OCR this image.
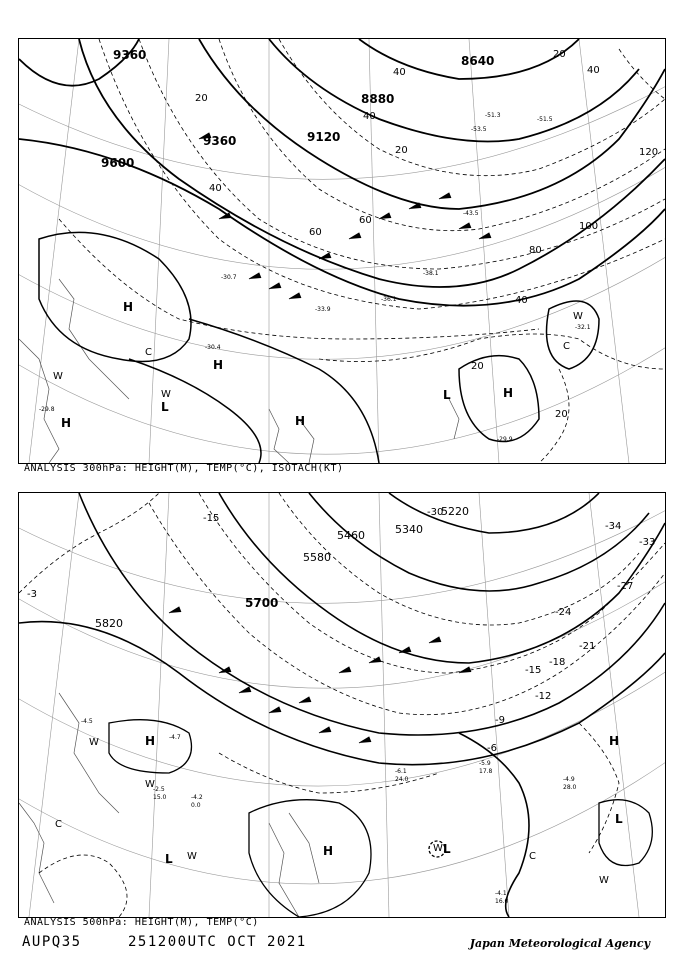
9360
9600
9360	9120
8880
8640
20
40
60
80
100
120
40
20
20
20
40
40
60
40
20
H
H
H
H
L
L
H
W
C
W
C
W
-36.1
-33.9
-30.7
-32.1
-29.9
-30.4
-38.1
-43.5
-51.3
-53.5
-51.5
-29.8
ANALYSIS 300hPa: HEIGHT(M), TEMP(°C), ISOTACH(KT)
5820
5700
5580
5460	5340
5220
-3
-15
-30
-33
-34
-27
-24
-21
-18
-15
-12
-9
-6
H
H
H
L
L
L
W
W
W
C
C
W
W
-4.1
16.0
-4.9
28.0
-5.9
17.8
-6.1
24.0
-4.2
0.0
-2.5
15.0
-4.5
-4.7
ANALYSIS 500hPa: HEIGHT(M), TEMP(°C)
AUPQ35	251200UTC OCT 2021	Japan Meteorological Agency
